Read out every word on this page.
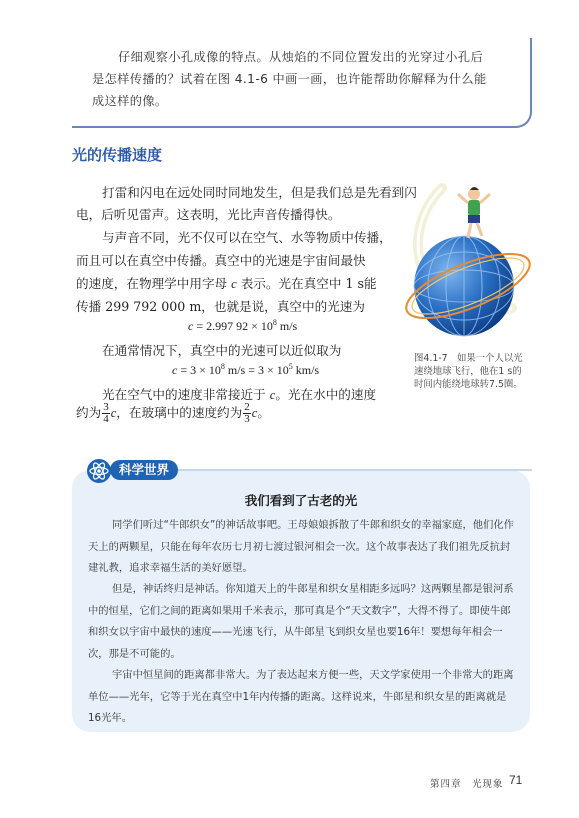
仔细观察小孔成像的特点。从烛焰的不同位置发出的光穿过小孔后
是怎样传播的？试着在图 4.1-6 中画一画，也许能帮助你解释为什么能
成这样的像。

光的传播速度
打雷和闪电在远处同时同地发生，但是我们总是先看到闪
电，后听见雷声。这表明，光比声音传播得快。
与声音不同，光不仅可以在空气、水等物质中传播，
而且可以在真空中传播。真空中的光速是宇宙间最快
的速度，在物理学中用字母 c 表示。光在真空中 1 s能
传播 299 792 000 m，也就是说，真空中的光速为
c = 2.997 $92 \times 10^8$ m/s
在通常情况下，真空中的光速可以近似取为
$c = 3 \times 10^8$ $m/s = 3 \times 10^5$ km/s
光在空气中的速度非常接近于 c。光在水中的速度
约为 $\frac{3}{4}$ c，在玻璃中的速度约为 $\frac{2}{3}$ c。
图4.1-7　如果一个人以光
速绕地球飞行，他在1 s的
时间内能绕地球转7.5圈。
科学世界
我们看到了古老的光

同学们听过“牛郎织女”的神话故事吧。王母娘娘拆散了牛郎和织女的幸福家庭，他们化作天上的两颗星，只能在每年农历七月初七渡过银河相会一次。这个故事表达了我们祖先反抗封建礼教，追求幸福生活的美好愿望。

但是，神话终归是神话。你知道天上的牛郎星和织女星相距多远吗？这两颗星都是银河系中的恒星，它们之间的距离如果用千米表示，那可真是个“天文数字”，大得不得了。即使牛郎和织女以宇宙中最快的速度——光速飞行，从牛郎星飞到织女星也要16年！要想每年相会一次，那是不可能的。

宇宙中恒星间的距离都非常大。为了表达起来方便一些，天文学家使用一个非常大的距离单位——光年，它等于光在真空中1年内传播的距离。这样说来，牛郎星和织女星的距离就是16光年。

第四章　光现象 71
